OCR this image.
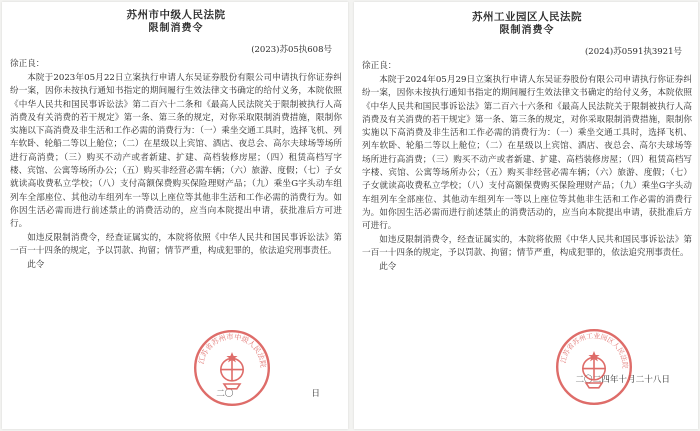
苏州市中级人民法院
限制消费令
(2023)苏05执608号
徐正良：

本院于2023年05月22日立案执行申请人东吴证券股份有限公司申请执行你证券纠纷一案，因你未按执行通知书指定的期间履行生效法律文书确定的给付义务，本院依照《中华人民共和国民事诉讼法》第二百六十二条和《最高人民法院关于限制被执行人高消费及有关消费的若干规定》第一条、第三条的规定，对你采取限制消费措施，限制你实施以下高消费及非生活和工作必需的消费行为：（一）乘坐交通工具时，选择飞机、列车软卧、轮船二等以上舱位；（二）在星级以上宾馆、酒店、夜总会、高尔夫球场等场所进行高消费；（三）购买不动产或者新建、扩建、高档装修房屋；（四）租赁高档写字楼、宾馆、公寓等场所办公；（五）购买非经营必需车辆；（六）旅游、度假；（七）子女就读高收费私立学校；（八）支付高额保费购买保险理财产品；（九）乘坐G字头动车组列车全部座位、其他动车组列车一等以上座位等其他非生活和工作必需的消费行为。如你因生活必需而进行前述禁止的消费活动的，应当向本院提出申请，获批准后方可进行。

如违反限制消费令，经查证属实的，本院将依照《中华人民共和国民事诉讼法》第一百一十四条的规定，予以罚款、拘留；情节严重，构成犯罪的，依法追究刑事责任。

此令
二〇	日
江苏省苏州市中级人民法院
苏州工业园区人民法院
限制消费令
(2024)苏0591执3921号
徐正良：

本院于2024年05月29日立案执行申请人东吴证券股份有限公司申请执行你证券纠纷一案，因你未按执行通知书指定的期间履行生效法律文书确定的给付义务，本院依照《中华人民共和国民事诉讼法》第二百六十六条和《最高人民法院关于限制被执行人高消费及有关消费的若干规定》第一条、第三条的规定，对你采取限制消费措施，限制你实施以下高消费及非生活和工作必需的消费行为：（一）乘坐交通工具时，选择飞机、列车软卧、轮船二等以上舱位；（二）在星级以上宾馆、酒店、夜总会、高尔夫球场等场所进行高消费；（三）购买不动产或者新建、扩建、高档装修房屋；（四）租赁高档写字楼、宾馆、公寓等场所办公；（五）购买非经营必需车辆；（六）旅游、度假；（七）子女就读高收费私立学校；（八）支付高额保费购买保险理财产品；（九）乘坐G字头动车组列车全部座位、其他动车组列车一等以上座位等其他非生活和工作必需的消费行为。如你因生活必需而进行前述禁止的消费活动的，应当向本院提出申请，获批准后方可进行。

如违反限制消费令，经查证属实的，本院将依照《中华人民共和国民事诉讼法》第一百一十四条的规定，予以罚款、拘留；情节严重，构成犯罪的，依法追究刑事责任。

此令
二〇二四年十月二十八日
江苏省苏州工业园区人民法院
